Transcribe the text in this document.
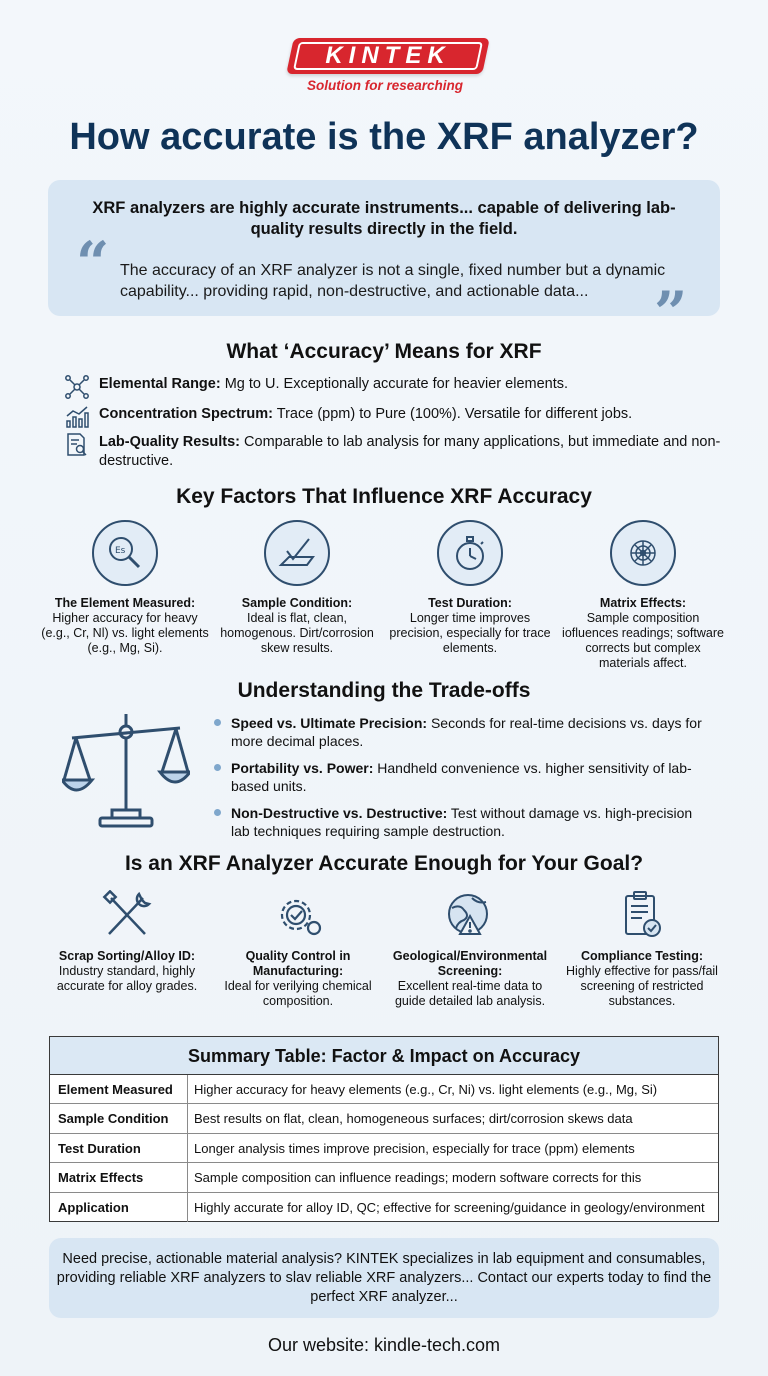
KINTEK
Solution for researching
How accurate is the XRF analyzer?
XRF analyzers are highly accurate instruments... capable of delivering lab-quality results directly in the field.
“ The accuracy of an XRF analyzer is not a single, fixed number but a dynamic capability... providing rapid, non-destructive, and actionable data...	”
What ‘Accuracy’ Means for XRF
Elemental Range: Mg to U. Exceptionally accurate for heavier elements.
Concentration Spectrum: Trace (ppm) to Pure (100%). Versatile for different jobs.
Lab-Quality Results: Comparable to lab analysis for many applications, but immediate and non-destructive.
Key Factors That Influence XRF Accuracy
Es
The Element Measured:
Higher accuracy for heavy (e.g., Cr, Nl) vs. light elements (e.g., Mg, Si).
Sample Condition:
Ideal is flat, clean, homogenous. Dirt/corrosion skew results.
Test Duration:
Longer time improves precision, especially for trace elements.
Matrix Effects:
Sample composition iofluences readings; software corrects but complex materials affect.
Understanding the Trade-offs
Speed vs. Ultimate Precision: Seconds for real-time decisions vs. days for more decimal places.
Portability vs. Power: Handheld convenience vs. higher sensitivity of lab-based units.
Non-Destructive vs. Destructive: Test without damage vs. high-precision lab techniques requiring sample destruction.
Is an XRF Analyzer Accurate Enough for Your Goal?
Scrap Sorting/Alloy ID:
Industry standard, highly accurate for alloy grades.
Quality Control in Manufacturing:
Ideal for verilying chemical composition.
Geological/Environmental Screening:
Excellent real-time data to guide detailed lab analysis.
Compliance Testing:
Highly effective for pass/fail screening of restricted substances.
Summary Table: Factor & Impact on Accuracy
Element Measured	Higher accuracy for heavy elements (e.g., Cr, Ni) vs. light elements (e.g., Mg, Si)
Sample Condition	Best results on flat, clean, homogeneous surfaces; dirt/corrosion skews data
Test Duration	Longer analysis times improve precision, especially for trace (ppm) elements
Matrix Effects	Sample composition can influence readings; modern software corrects for this
Application	Highly accurate for alloy ID, QC; effective for screening/guidance in geology/environment
Need precise, actionable material analysis? KINTEK specializes in lab equipment and consumables, providing reliable XRF analyzers to slav reliable XRF analyzers... Contact our experts today to find the perfect XRF analyzer...
Our website: kindle-tech.com
